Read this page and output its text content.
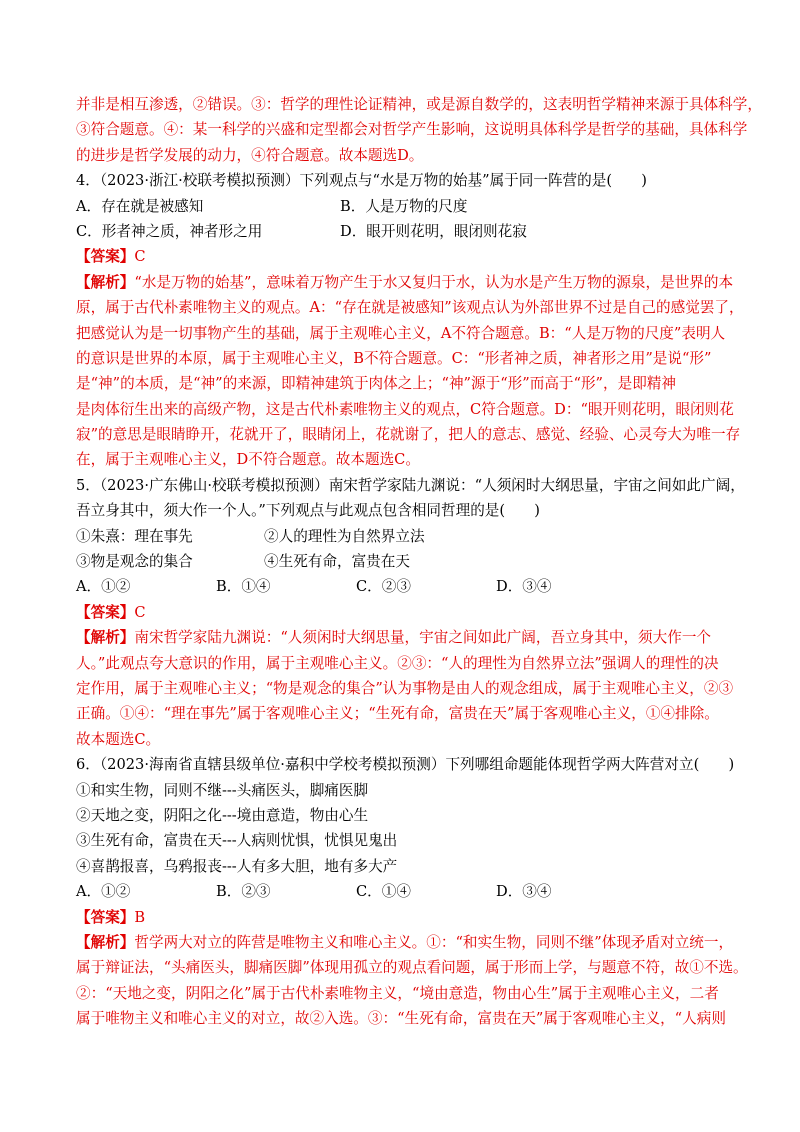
并非是相互渗透，②错误。③：哲学的理性论证精神，或是源自数学的，这表明哲学精神来源于具体科学，
③符合题意。④：某一科学的兴盛和定型都会对哲学产生影响，这说明具体科学是哲学的基础，具体科学
的进步是哲学发展的动力，④符合题意。故本题选D。
4．（2023·浙江·校联考模拟预测）下列观点与“水是万物的始基”属于同一阵营的是(　　)
A．存在就是被感知	B．人是万物的尺度
C．形者神之质，神者形之用	D．眼开则花明，眼闭则花寂
【答案】C
【解析】“水是万物的始基”，意味着万物产生于水又复归于水，认为水是产生万物的源泉，是世界的本
原，属于古代朴素唯物主义的观点。A：“存在就是被感知”该观点认为外部世界不过是自己的感觉罢了，
把感觉认为是一切事物产生的基础，属于主观唯心主义，A不符合题意。B：“人是万物的尺度”表明人
的意识是世界的本原，属于主观唯心主义，B不符合题意。C：“形者神之质，神者形之用”是说“形”
是“神”的本质，是“神”的来源，即精神建筑于肉体之上；“神”源于“形”而高于“形”，是即精神
是肉体衍生出来的高级产物，这是古代朴素唯物主义的观点，C符合题意。D：“眼开则花明，眼闭则花
寂”的意思是眼睛睁开，花就开了，眼睛闭上，花就谢了，把人的意志、感觉、经验、心灵夸大为唯一存
在，属于主观唯心主义，D不符合题意。故本题选C。
5．（2023·广东佛山·校联考模拟预测）南宋哲学家陆九渊说：“人须闲时大纲思量，宇宙之间如此广阔，
吾立身其中，须大作一个人。”下列观点与此观点包含相同哲理的是(　　)
①朱熹：理在事先	②人的理性为自然界立法
③物是观念的集合	④生死有命，富贵在天
A．①②	B．①④	C．②③	D．③④
【答案】C
【解析】南宋哲学家陆九渊说：“人须闲时大纲思量，宇宙之间如此广阔，吾立身其中，须大作一个
人。”此观点夸大意识的作用，属于主观唯心主义。②③：“人的理性为自然界立法”强调人的理性的决
定作用，属于主观唯心主义；“物是观念的集合”认为事物是由人的观念组成，属于主观唯心主义，②③
正确。①④：“理在事先”属于客观唯心主义；“生死有命，富贵在天”属于客观唯心主义，①④排除。
故本题选C。
6．（2023·海南省直辖县级单位·嘉积中学校考模拟预测）下列哪组命题能体现哲学两大阵营对立(　　)
①和实生物，同则不继---头痛医头，脚痛医脚
②天地之变，阴阳之化---境由意造，物由心生
③生死有命，富贵在天---人病则忧惧，忧惧见鬼出
④喜鹊报喜，乌鸦报丧---人有多大胆，地有多大产
A．①②	B．②③	C．①④	D．③④
【答案】B
【解析】哲学两大对立的阵营是唯物主义和唯心主义。①：“和实生物，同则不继”体现矛盾对立统一，
属于辩证法，“头痛医头，脚痛医脚”体现用孤立的观点看问题，属于形而上学，与题意不符，故①不选。
②：“天地之变，阴阳之化”属于古代朴素唯物主义，“境由意造，物由心生”属于主观唯心主义，二者
属于唯物主义和唯心主义的对立，故②入选。③：“生死有命，富贵在天”属于客观唯心主义，“人病则
